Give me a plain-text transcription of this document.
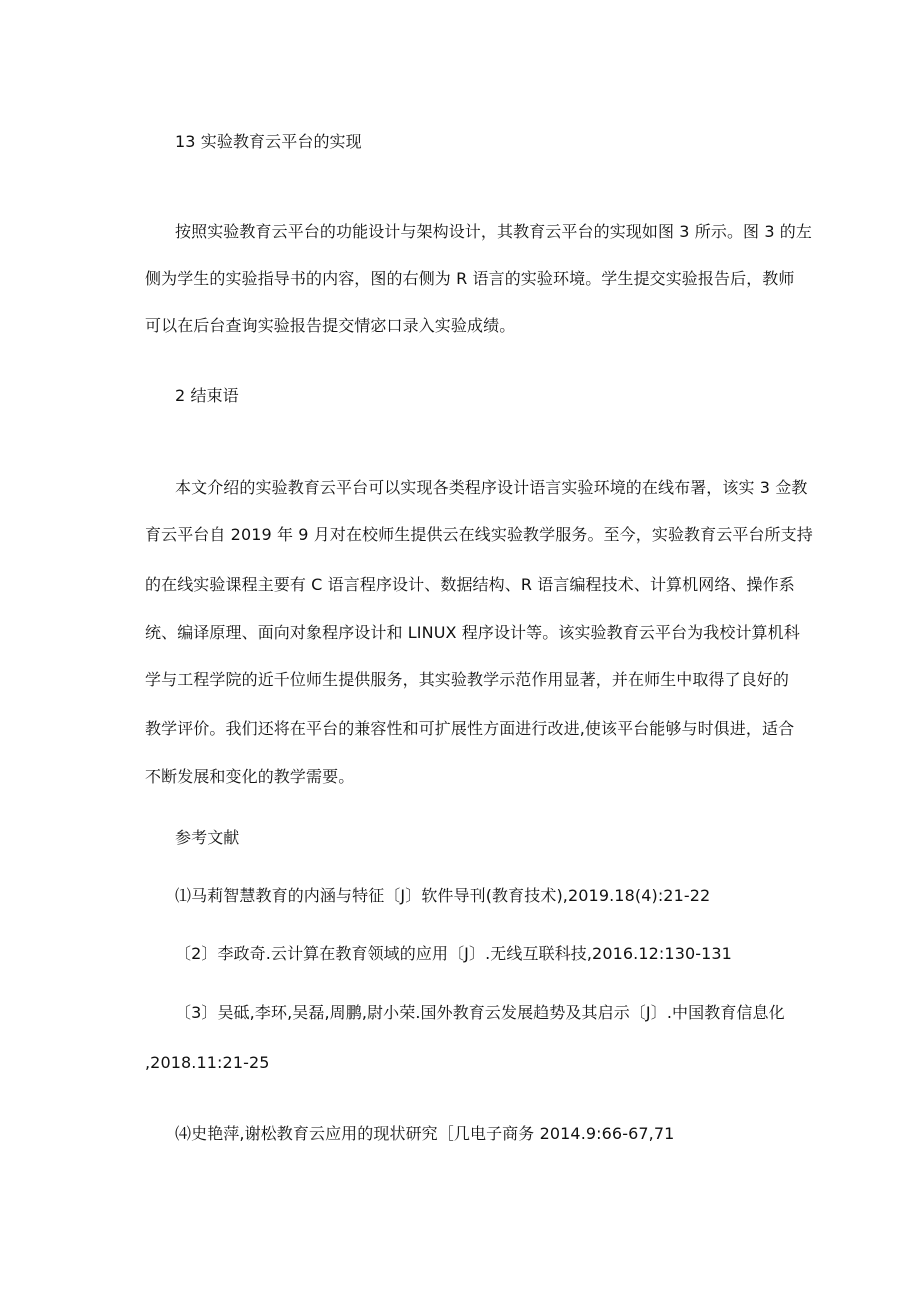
13 实验教育云平台的实现
按照实验教育云平台的功能设计与架构设计，其教育云平台的实现如图 3 所示。图 3 的左
侧为学生的实验指导书的内容，图的右侧为 R 语言的实验环境。学生提交实验报告后，教师
可以在后台查询实验报告提交情宓口录入实验成绩。
2 结束语
本文介绍的实验教育云平台可以实现各类程序设计语言实验环境的在线布署，该实 3 佥教
育云平台自 2019 年 9 月对在校师生提供云在线实验教学服务。至今，实验教育云平台所支持
的在线实验课程主要有 C 语言程序设计、数据结构、R 语言编程技术、计算机网络、操作系
统、编译原理、面向对象程序设计和 LINUX 程序设计等。该实验教育云平台为我校计算机科
学与工程学院的近千位师生提供服务，其实验教学示范作用显著，并在师生中取得了良好的
教学评价。我们还将在平台的兼容性和可扩展性方面进行改进,使该平台能够与时俱进，适合
不断发展和变化的教学需要。
参考文献
⑴马莉智慧教育的内涵与特征〔J〕软件导刊(教育技术),2019.18(4):21-22
〔2〕李政奇.云计算在教育领域的应用〔J〕.无线互联科技,2016.12:130-131
〔3〕吴砥,李环,吴磊,周鹏,尉小荣.国外教育云发展趋势及其启示〔J〕.中国教育信息化
,2018.11:21-25
⑷史艳萍,谢松教育云应用的现状研究［几电子商务 2014.9:66-67,71
